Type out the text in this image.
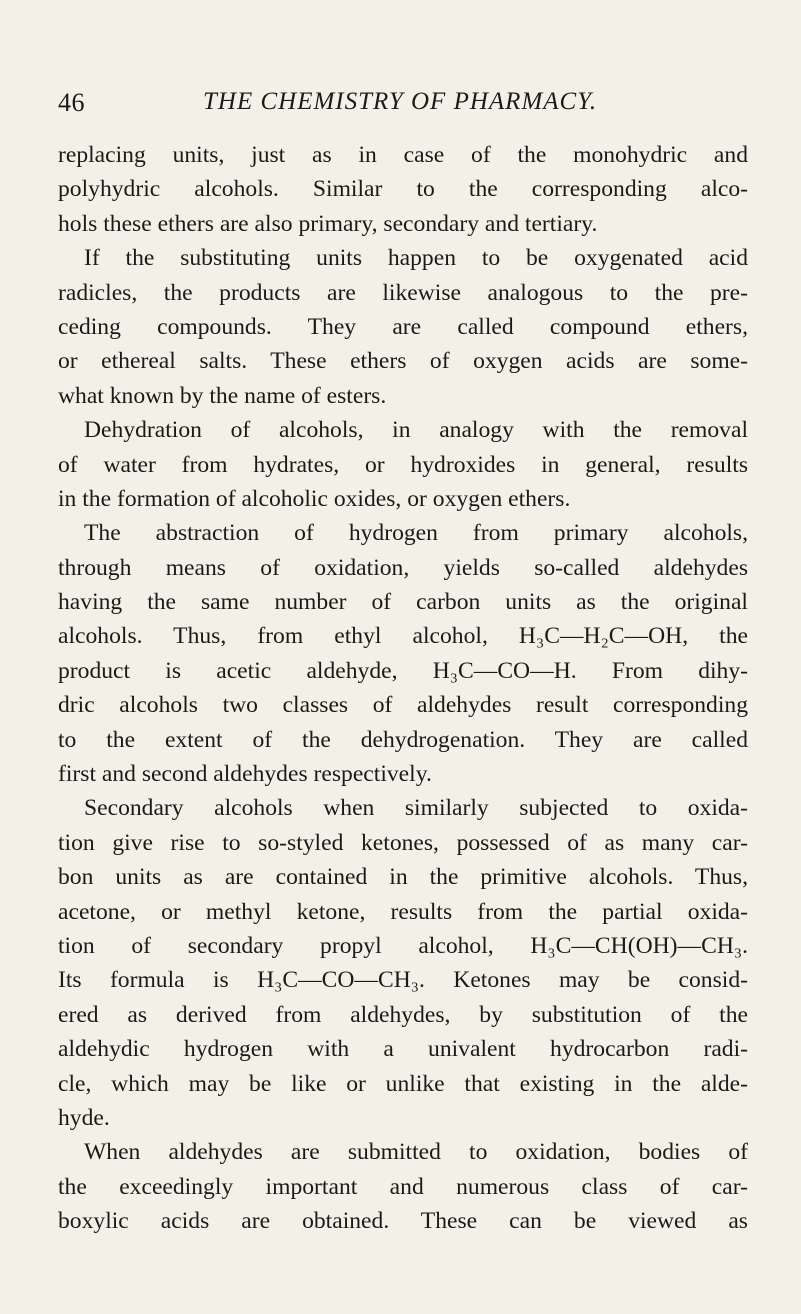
46	THE CHEMISTRY OF PHARMACY.
replacing units, just as in case of the monohydric and
polyhydric alcohols. Similar to the corresponding alco-
hols these ethers are also primary, secondary and tertiary.
If the substituting units happen to be oxygenated acid
radicles, the products are likewise analogous to the pre-
ceding compounds. They are called compound ethers,
or ethereal salts. These ethers of oxygen acids are some-
what known by the name of esters.
Dehydration of alcohols, in analogy with the removal
of water from hydrates, or hydroxides in general, results
in the formation of alcoholic oxides, or oxygen ethers.
The abstraction of hydrogen from primary alcohols,
through means of oxidation, yields so-called aldehydes
having the same number of carbon units as the original
alcohols. Thus, from ethyl alcohol, H₃C—H₂C—OH, the
product is acetic aldehyde, H₃C—CO—H. From dihy-
dric alcohols two classes of aldehydes result corresponding
to the extent of the dehydrogenation. They are called
first and second aldehydes respectively.
Secondary alcohols when similarly subjected to oxida-
tion give rise to so-styled ketones, possessed of as many car-
bon units as are contained in the primitive alcohols. Thus,
acetone, or methyl ketone, results from the partial oxida-
tion of secondary propyl alcohol, H₃C—CH(OH)—CH₃.
Its formula is H₃C—CO—CH₃. Ketones may be consid-
ered as derived from aldehydes, by substitution of the
aldehydic hydrogen with a univalent hydrocarbon radi-
cle, which may be like or unlike that existing in the alde-
hyde.
When aldehydes are submitted to oxidation, bodies of
the exceedingly important and numerous class of car-
boxylic acids are obtained. These can be viewed as
